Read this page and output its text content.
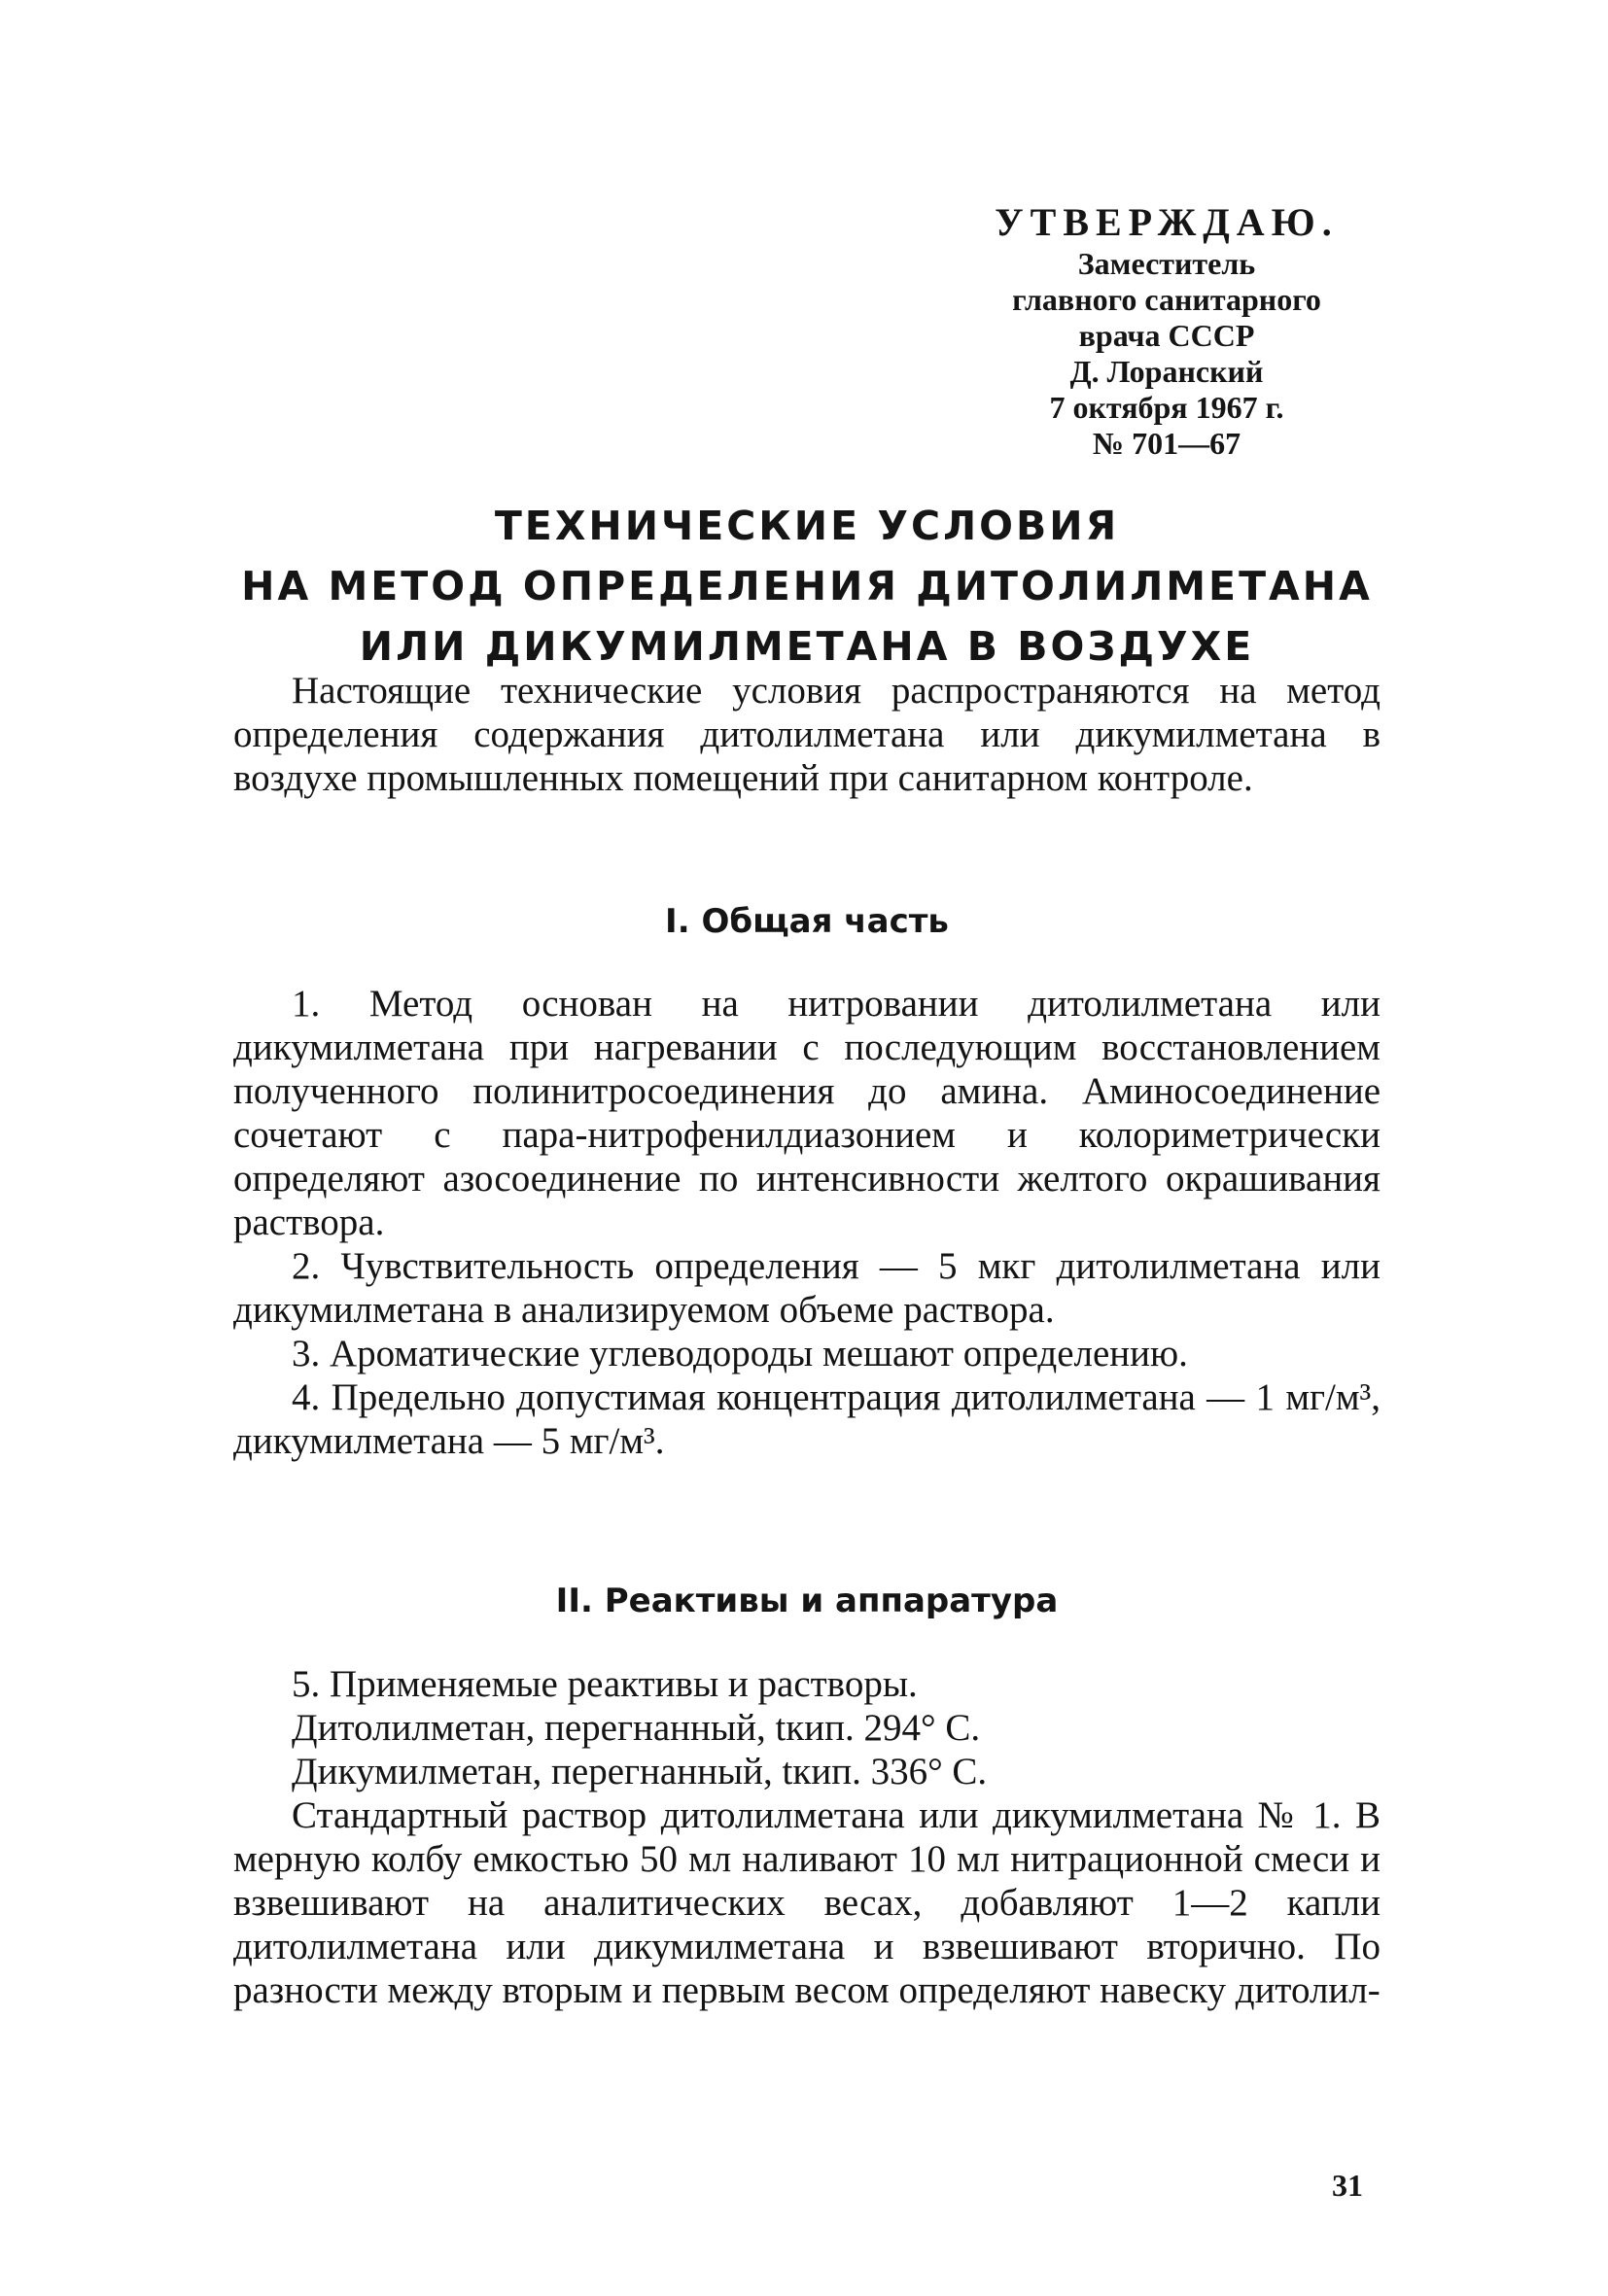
УТВЕРЖДАЮ.
Заместитель
главного санитарного
врача СССР
Д. Лоранский
7 октября 1967 г.
№ 701—67
ТЕХНИЧЕСКИЕ УСЛОВИЯ
НА МЕТОД ОПРЕДЕЛЕНИЯ ДИТОЛИЛМЕТАНА
ИЛИ ДИКУМИЛМЕТАНА В ВОЗДУХЕ
Настоящие технические условия распространяются на метод определения содержания дитолилметана или дикумилметана в воздухе промышленных помещений при санитарном контроле.
I. Общая часть

1. Метод основан на нитровании дитолилметана или дикумилметана при нагревании с последующим восстановлением полученного полинитросоединения до амина. Аминосоединение сочетают с пара-нитрофенилдиазонием и колориметрически определяют азосоединение по интенсивности желтого окрашивания раствора.

2. Чувствительность определения — 5 мкг дитолилметана или дикумилметана в анализируемом объеме раствора.

3. Ароматические углеводороды мешают определению.

4. Предельно допустимая концентрация дитолилметана — 1 мг/м³, дикумилметана — 5 мг/м³.

II. Реактивы и аппаратура

5. Применяемые реактивы и растворы.

Дитолилметан, перегнанный, tкип. 294° С.

Дикумилметан, перегнанный, tкип. 336° С.

Стандартный раствор дитолилметана или дикумилметана № 1. В мерную колбу емкостью 50 мл наливают 10 мл нитрационной смеси и взвешивают на аналитических весах, добавляют 1—2 капли дитолилметана или дикумилметана и взвешивают вторично. По разности между вторым и первым весом определяют навеску дитолил-

31
